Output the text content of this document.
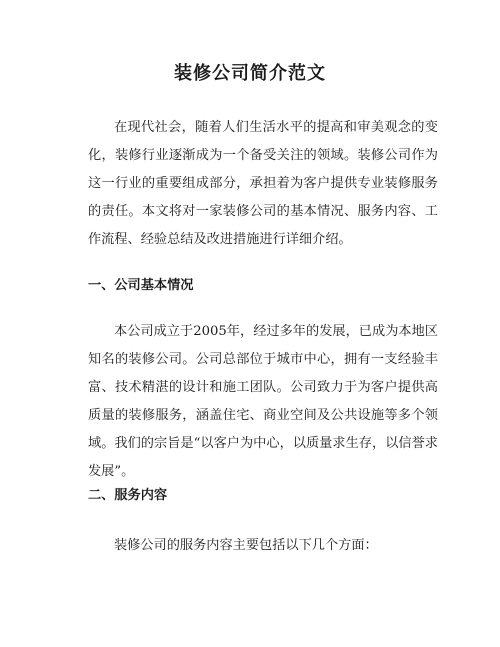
装修公司简介范文

在现代社会，随着人们生活水平的提高和审美观念的变化，装修行业逐渐成为一个备受关注的领域。装修公司作为这一行业的重要组成部分，承担着为客户提供专业装修服务的责任。本文将对一家装修公司的基本情况、服务内容、工作流程、经验总结及改进措施进行详细介绍。

一、公司基本情况

本公司成立于2005年，经过多年的发展，已成为本地区知名的装修公司。公司总部位于城市中心，拥有一支经验丰富、技术精湛的设计和施工团队。公司致力于为客户提供高质量的装修服务，涵盖住宅、商业空间及公共设施等多个领域。我们的宗旨是“以客户为中心，以质量求生存，以信誉求发展”。

二、服务内容

装修公司的服务内容主要包括以下几个方面：
